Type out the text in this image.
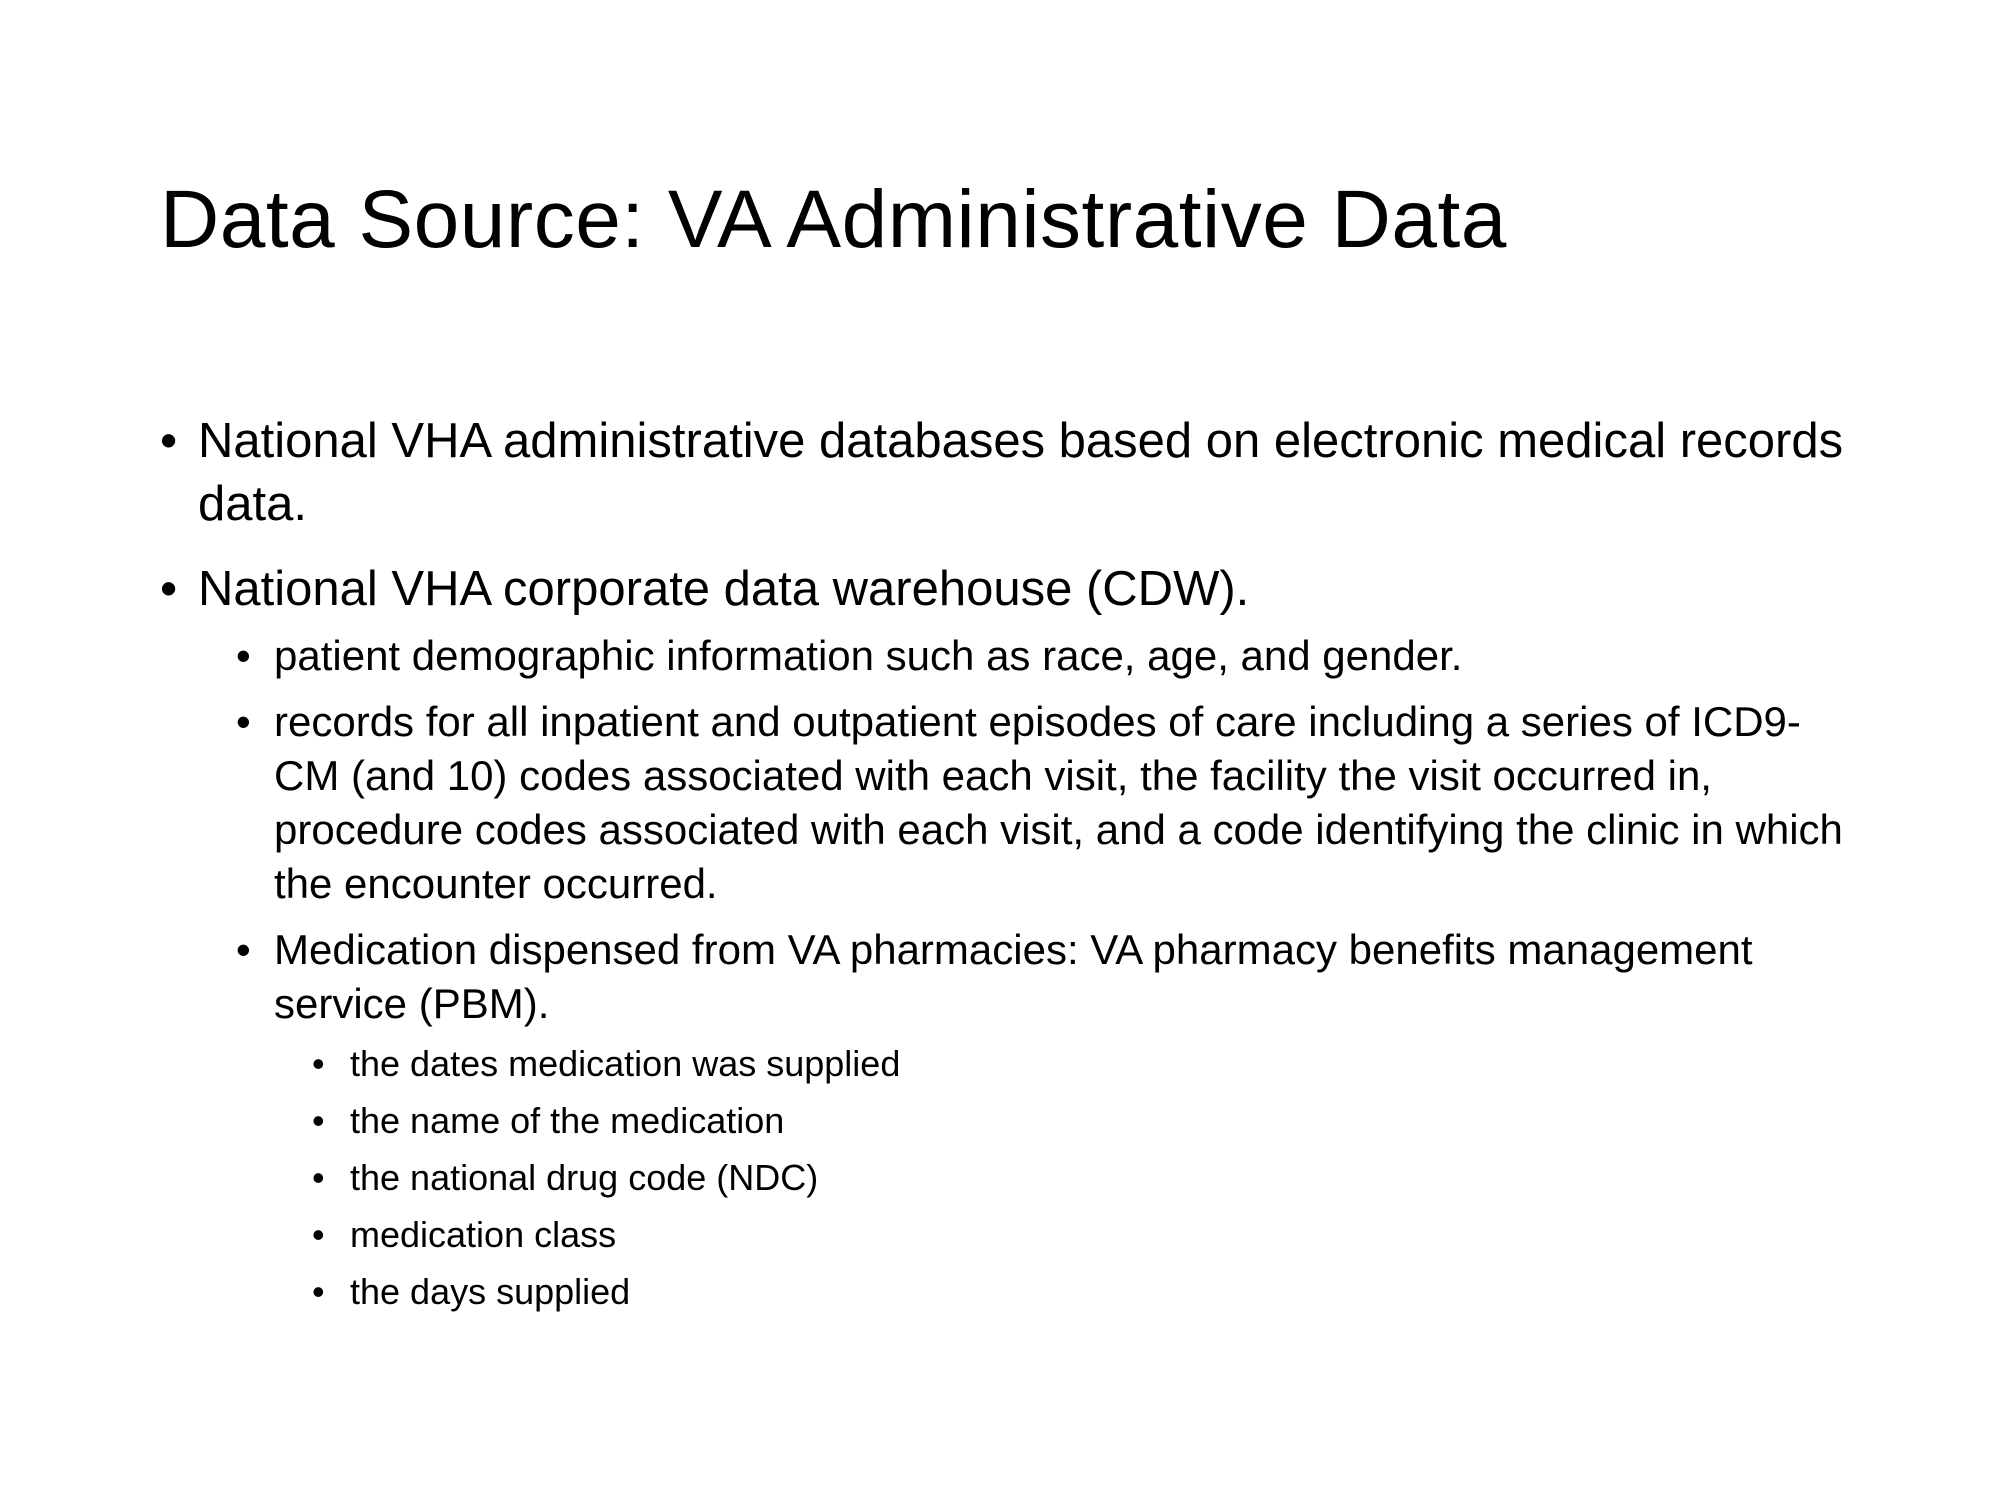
Data Source: VA Administrative Data
• National VHA administrative databases based on electronic medical records data.
• National VHA corporate data warehouse (CDW).
• patient demographic information such as race, age, and gender.
• records for all inpatient and outpatient episodes of care including a series of ICD9-CM (and 10) codes associated with each visit, the facility the visit occurred in, procedure codes associated with each visit, and a code identifying the clinic in which the encounter occurred.
• Medication dispensed from VA pharmacies: VA pharmacy benefits management service (PBM).
• the dates medication was supplied
• the name of the medication
• the national drug code (NDC)
• medication class
• the days supplied
